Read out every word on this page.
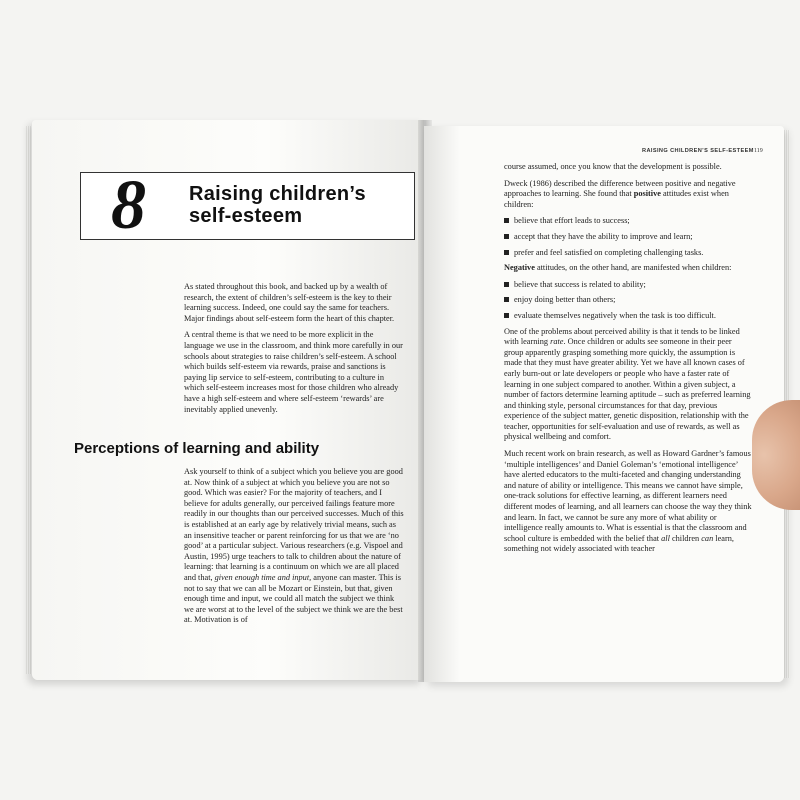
8 Raising children’s self-esteem

As stated throughout this book, and backed up by a wealth of research, the extent of children’s self-esteem is the key to their learning success. Indeed, one could say the same for teachers. Major findings about self-esteem form the heart of this chapter.

A central theme is that we need to be more explicit in the language we use in the classroom, and think more carefully in our schools about strategies to raise children’s self-esteem. A school which builds self-esteem via rewards, praise and sanctions is paying lip service to self-esteem, contributing to a culture in which self-esteem increases most for those children who already have a high self-esteem and where self-esteem ‘rewards’ are inevitably applied unevenly.

Perceptions of learning and ability

Ask yourself to think of a subject which you believe you are good at. Now think of a subject at which you believe you are not so good. Which was easier? For the majority of teachers, and I believe for adults generally, our perceived failings feature more readily in our thoughts than our perceived successes. Much of this is established at an early age by relatively trivial means, such as an insensitive teacher or parent reinforcing for us that we are ‘no good’ at a particular subject. Various researchers (e.g. Vispoel and Austin, 1995) urge teachers to talk to children about the nature of learning: that learning is a continuum on which we are all placed and that, given enough time and input, anyone can master. This is not to say that we can all be Mozart or Einstein, but that, given enough time and input, we could all match the subject we think we are worst at to the level of the subject we think we are the best at. Motivation is of

RAISING CHILDREN’S SELF-ESTEEM 119

course assumed, once you know that the development is possible.

Dweck (1986) described the difference between positive and negative approaches to learning. She found that positive attitudes exist when children:

believe that effort leads to success;
accept that they have the ability to improve and learn;
prefer and feel satisfied on completing challenging tasks.

Negative attitudes, on the other hand, are manifested when children:

believe that success is related to ability;
enjoy doing better than others;
evaluate themselves negatively when the task is too difficult.

One of the problems about perceived ability is that it tends to be linked with learning rate. Once children or adults see someone in their peer group apparently grasping something more quickly, the assumption is made that they must have greater ability. Yet we have all known cases of early burn-out or late developers or people who have a faster rate of learning in one subject compared to another. Within a given subject, a number of factors determine learning aptitude – such as preferred learning and thinking style, personal circumstances for that day, previous experience of the subject matter, genetic disposition, relationship with the teacher, opportunities for self-evaluation and use of rewards, as well as physical wellbeing and comfort.

Much recent work on brain research, as well as Howard Gardner’s famous ‘multiple intelligences’ and Daniel Goleman’s ‘emotional intelligence’ have alerted educators to the multi-faceted and changing understanding and nature of ability or intelligence. This means we cannot have simple, one-track solutions for effective learning, as different learners need different modes of learning, and all learners can choose the way they think and learn. In fact, we cannot be sure any more of what ability or intelligence really amounts to. What is essential is that the classroom and school culture is embedded with the belief that all children can learn, something not widely associated with teacher
